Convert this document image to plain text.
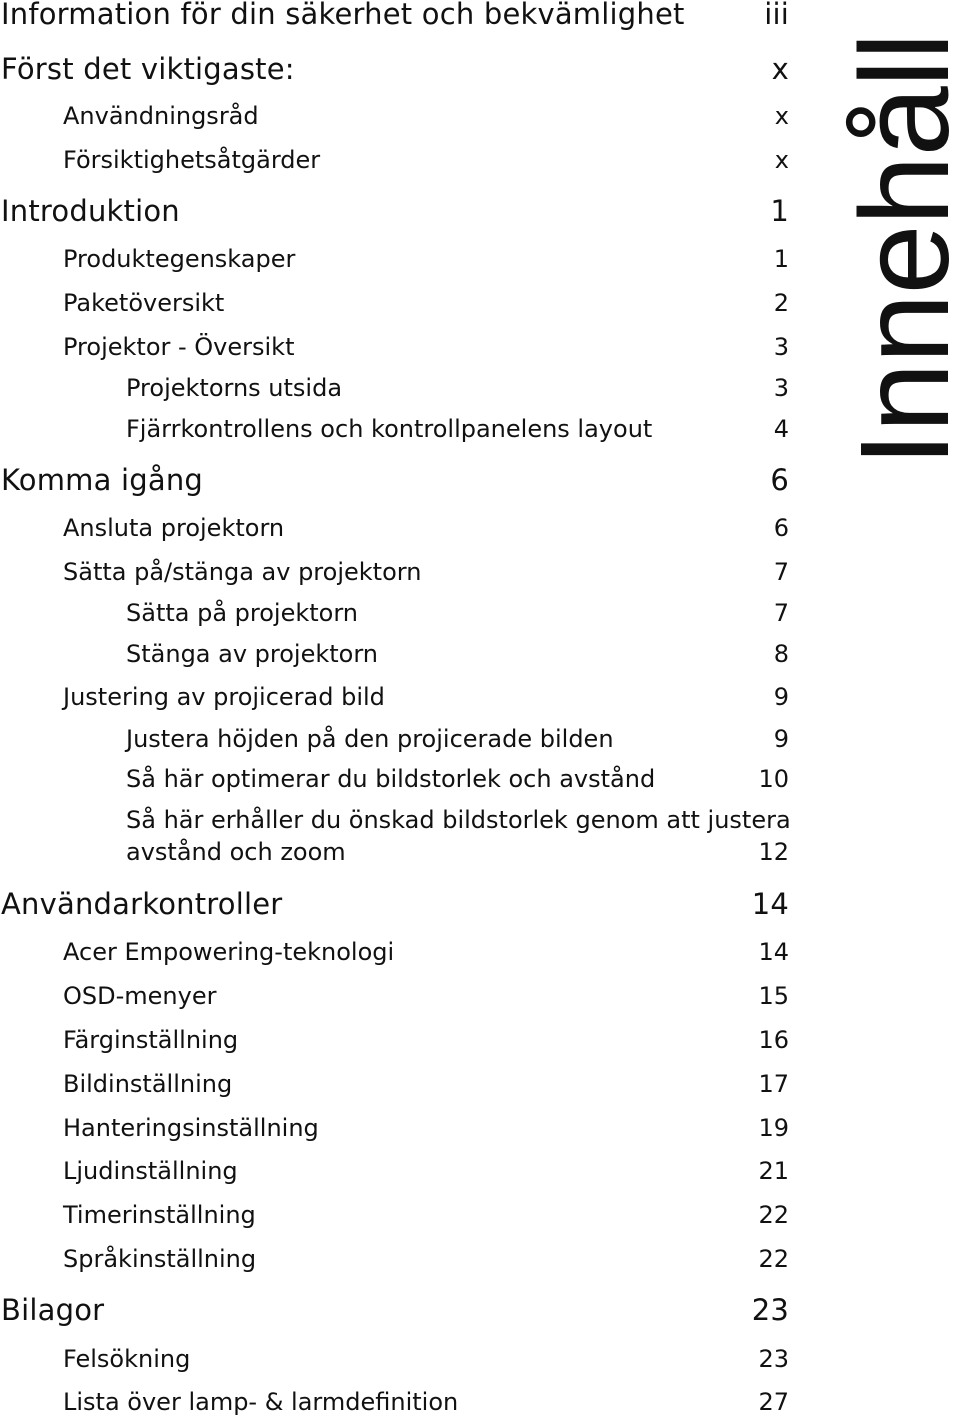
Information för din säkerhet och bekvämlighet	iii
Först det viktigaste:	x
Användningsråd	x
Försiktighetsåtgärder	x
Introduktion	1
Produktegenskaper	1
Paketöversikt	2
Projektor - Översikt	3
Projektorns utsida	3
Fjärrkontrollens och kontrollpanelens layout	4
Komma igång	6
Ansluta projektorn	6
Sätta på/stänga av projektorn	7
Sätta på projektorn	7
Stänga av projektorn	8
Justering av projicerad bild	9
Justera höjden på den projicerade bilden	9
Så här optimerar du bildstorlek och avstånd	10
Så här erhåller du önskad bildstorlek genom att justera
avstånd och zoom	12
Användarkontroller	14
Acer Empowering-teknologi	14
OSD-menyer	15
Färginställning	16
Bildinställning	17
Hanteringsinställning	19
Ljudinställning	21
Timerinställning	22
Språkinställning	22
Bilagor	23
Felsökning	23
Lista över lamp- & larmdefinition	27
Innehåll
